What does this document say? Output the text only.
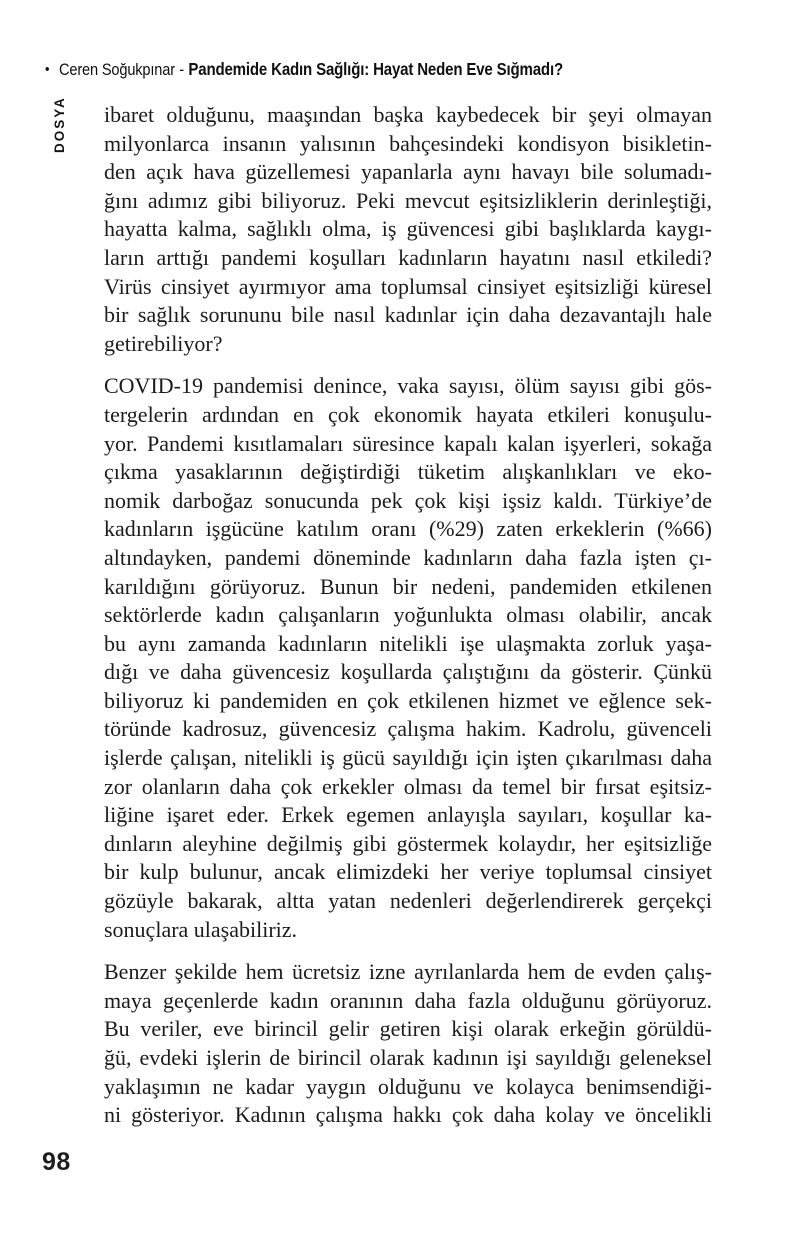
• Ceren Soğukpınar - Pandemide Kadın Sağlığı: Hayat Neden Eve Sığmadı?
DOSYA ibaret olduğunu, maaşından başka kaybedecek bir şeyi olmayan
milyonlarca insanın yalısının bahçesindeki kondisyon bisikletin-
den açık hava güzellemesi yapanlarla aynı havayı bile solumadı-
ğını adımız gibi biliyoruz. Peki mevcut eşitsizliklerin derinleştiği,
hayatta kalma, sağlıklı olma, iş güvencesi gibi başlıklarda kaygı-
ların arttığı pandemi koşulları kadınların hayatını nasıl etkiledi?
Virüs cinsiyet ayırmıyor ama toplumsal cinsiyet eşitsizliği küresel
bir sağlık sorununu bile nasıl kadınlar için daha dezavantajlı hale
getirebiliyor?
COVID-19 pandemisi denince, vaka sayısı, ölüm sayısı gibi gös-
tergelerin ardından en çok ekonomik hayata etkileri konuşulu-
yor. Pandemi kısıtlamaları süresince kapalı kalan işyerleri, sokağa
çıkma yasaklarının değiştirdiği tüketim alışkanlıkları ve eko-
nomik darboğaz sonucunda pek çok kişi işsiz kaldı. Türkiye’de
kadınların işgücüne katılım oranı (%29) zaten erkeklerin (%66)
altındayken, pandemi döneminde kadınların daha fazla işten çı-
karıldığını görüyoruz. Bunun bir nedeni, pandemiden etkilenen
sektörlerde kadın çalışanların yoğunlukta olması olabilir, ancak
bu aynı zamanda kadınların nitelikli işe ulaşmakta zorluk yaşa-
dığı ve daha güvencesiz koşullarda çalıştığını da gösterir. Çünkü
biliyoruz ki pandemiden en çok etkilenen hizmet ve eğlence sek-
töründe kadrosuz, güvencesiz çalışma hakim. Kadrolu, güvenceli
işlerde çalışan, nitelikli iş gücü sayıldığı için işten çıkarılması daha
zor olanların daha çok erkekler olması da temel bir fırsat eşitsiz-
liğine işaret eder. Erkek egemen anlayışla sayıları, koşullar ka-
dınların aleyhine değilmiş gibi göstermek kolaydır, her eşitsizliğe
bir kulp bulunur, ancak elimizdeki her veriye toplumsal cinsiyet
gözüyle bakarak, altta yatan nedenleri değerlendirerek gerçekçi
sonuçlara ulaşabiliriz.
Benzer şekilde hem ücretsiz izne ayrılanlarda hem de evden çalış-
maya geçenlerde kadın oranının daha fazla olduğunu görüyoruz.
Bu veriler, eve birincil gelir getiren kişi olarak erkeğin görüldü-
ğü, evdeki işlerin de birincil olarak kadının işi sayıldığı geleneksel
yaklaşımın ne kadar yaygın olduğunu ve kolayca benimsendiği-
ni gösteriyor. Kadının çalışma hakkı çok daha kolay ve öncelikli
98
